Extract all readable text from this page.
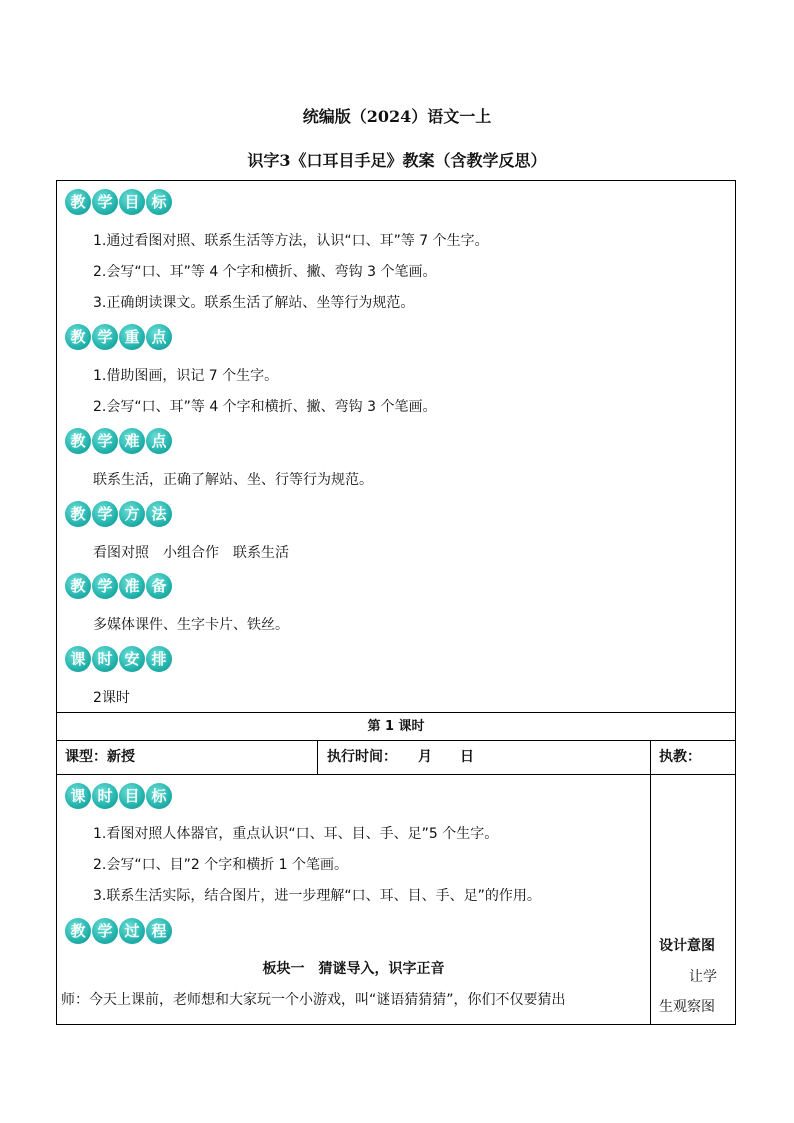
统编版（2024）语文一上
识字3《口耳目手足》教案（含教学反思）
教 学 目 标
1.通过看图对照、联系生活等方法，认识“口、耳”等 7 个生字。
2.会写“口、耳”等 4 个字和横折、撇、弯钩 3 个笔画。
3.正确朗读课文。联系生活了解站、坐等行为规范。
教 学 重 点
1.借助图画，识记 7 个生字。
2.会写“口、耳”等 4 个字和横折、撇、弯钩 3 个笔画。
教 学 难 点
联系生活，正确了解站、坐、行等行为规范。
教 学 方 法
看图对照　小组合作　联系生活
教 学 准 备
多媒体课件、生字卡片、铁丝。
课 时 安 排
2课时
第 1 课时
课型：新授	执行时间：　　月　　日	执教：
课 时 目 标
1.看图对照人体器官，重点认识“口、耳、目、手、足”5 个生字。
2.会写“口、目”2 个字和横折 1 个笔画。
3.联系生活实际，结合图片，进一步理解“口、耳、目、手、足”的作用。
教 学 过 程
板块一　猜谜导入，识字正音
师：今天上课前，老师想和大家玩一个小游戏，叫“谜语猜猜猜”，你们不仅要猜出
设计意图
让学
生观察图
